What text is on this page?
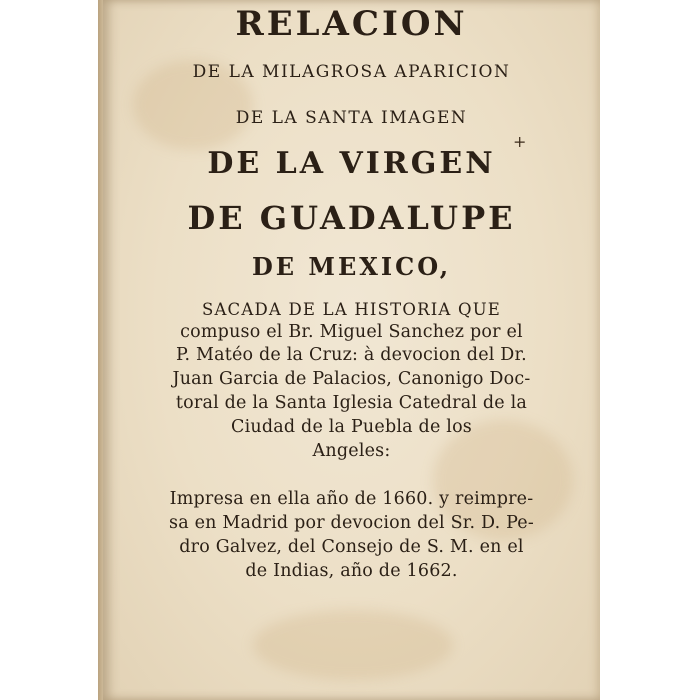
RELACION
DE LA MILAGROSA APARICION
DE LA SANTA IMAGEN
DE LA VIRGEN
DE GUADALUPE
DE MEXICO,
SACADA DE LA HISTORIA QUE
compuso el Br. Miguel Sanchez por el
P. Matéo de la Cruz: à devocion del Dr.
Juan Garcia de Palacios, Canonigo Doc-
toral de la Santa Iglesia Catedral de la
Ciudad de la Puebla de los
Angeles:
Impresa en ella año de 1660. y reimpre-
sa en Madrid por devocion del Sr. D. Pe-
dro Galvez, del Consejo de S. M. en el
de Indias, año de 1662.
+
